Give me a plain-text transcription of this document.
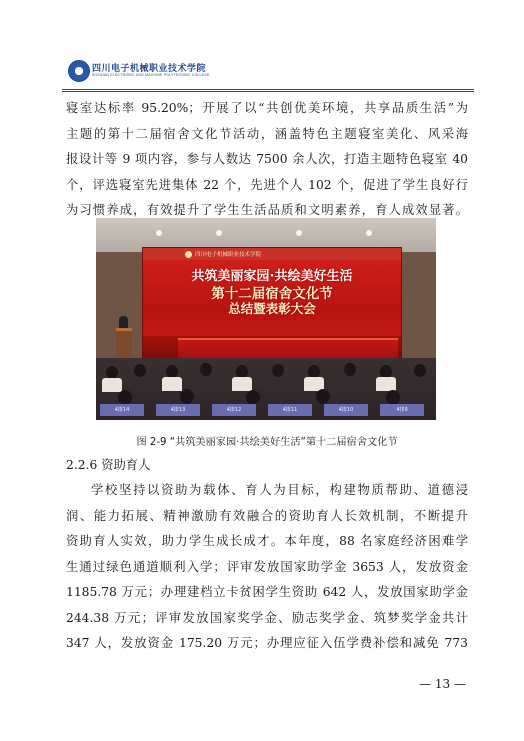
四川电子机械职业技术学院
SICHUAN ELECTRONIC AND MACHINE POLYTECHNIC COLLEGE
寝室达标率 95.20%；开展了以“共创优美环境，共享品质生活”为
主题的第十二届宿舍文化节活动，涵盖特色主题寝室美化、风采海
报设计等 9 项内容，参与人数达 7500 余人次，打造主题特色寝室 40
个，评选寝室先进集体 22 个，先进个人 102 个，促进了学生良好行
为习惯养成，有效提升了学生生活品质和文明素养，育人成效显著。
四川电子机械职业技术学院
共筑美丽家园·共绘美好生活
第十二届宿舍文化节
总结暨表彰大会
4排14	4排13	4排12	4排11	4排10	4排9
图 2-9 “共筑美丽家园·共绘美好生活”第十二届宿舍文化节
2.2.6 资助育人
学校坚持以资助为载体、育人为目标，构建物质帮助、道德浸
润、能力拓展、精神激励有效融合的资助育人长效机制，不断提升
资助育人实效，助力学生成长成才。本年度，88 名家庭经济困难学
生通过绿色通道顺利入学；评审发放国家助学金 3653 人，发放资金
1185.78 万元；办理建档立卡贫困学生资助 642 人，发放国家助学金
244.38 万元；评审发放国家奖学金、励志奖学金、筑梦奖学金共计
347 人，发放资金 175.20 万元；办理应征入伍学费补偿和减免 773
— 13 —
